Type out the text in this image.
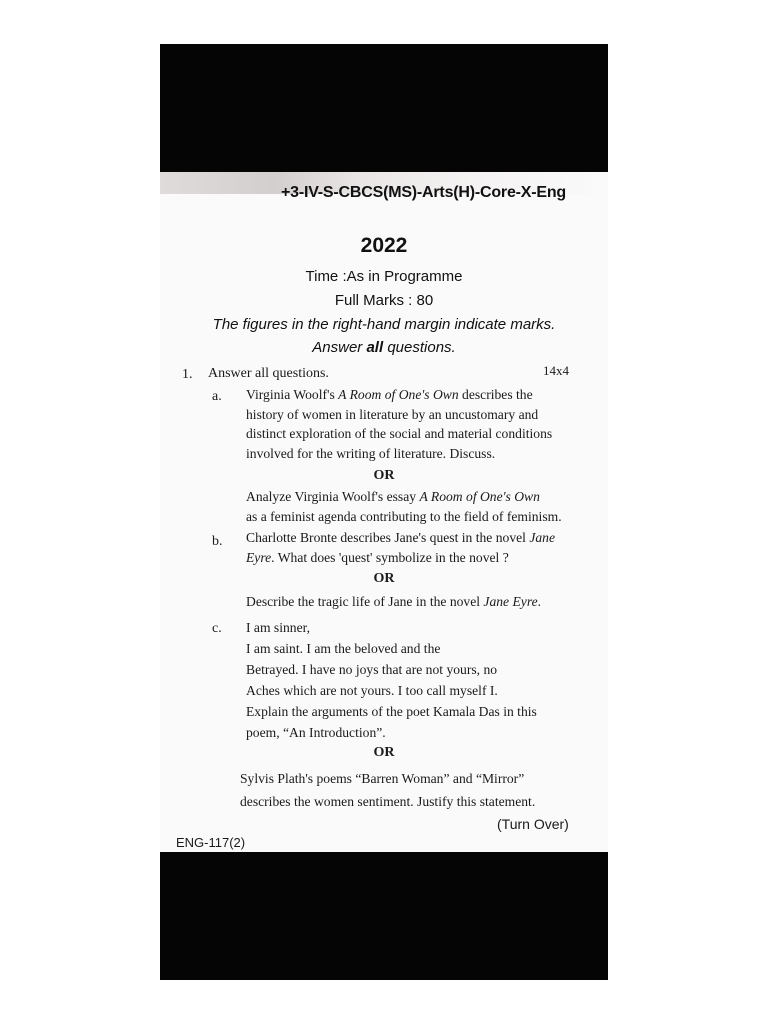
+3-IV-S-CBCS(MS)-Arts(H)-Core-X-Eng
2022
Time :As in Programme
Full Marks : 80
The figures in the right-hand margin indicate marks.
Answer all questions.
1. Answer all questions.	14x4
a. Virginia Woolf's A Room of One's Own describes the
history of women in literature by an uncustomary and
distinct exploration of the social and material conditions
involved for the writing of literature. Discuss.
OR
Analyze Virginia Woolf's essay A Room of One's Own
as a feminist agenda contributing to the field of feminism.
b. Charlotte Bronte describes Jane's quest in the novel Jane
Eyre. What does 'quest' symbolize in the novel ?
OR
Describe the tragic life of Jane in the novel Jane Eyre.
c. I am sinner,
I am saint. I am the beloved and the
Betrayed. I have no joys that are not yours, no
Aches which are not yours. I too call myself I.
Explain the arguments of the poet Kamala Das in this
poem, “An Introduction”.
OR
Sylvis Plath's poems “Barren Woman” and “Mirror”
describes the women sentiment. Justify this statement.
(Turn Over)
ENG-117(2)
